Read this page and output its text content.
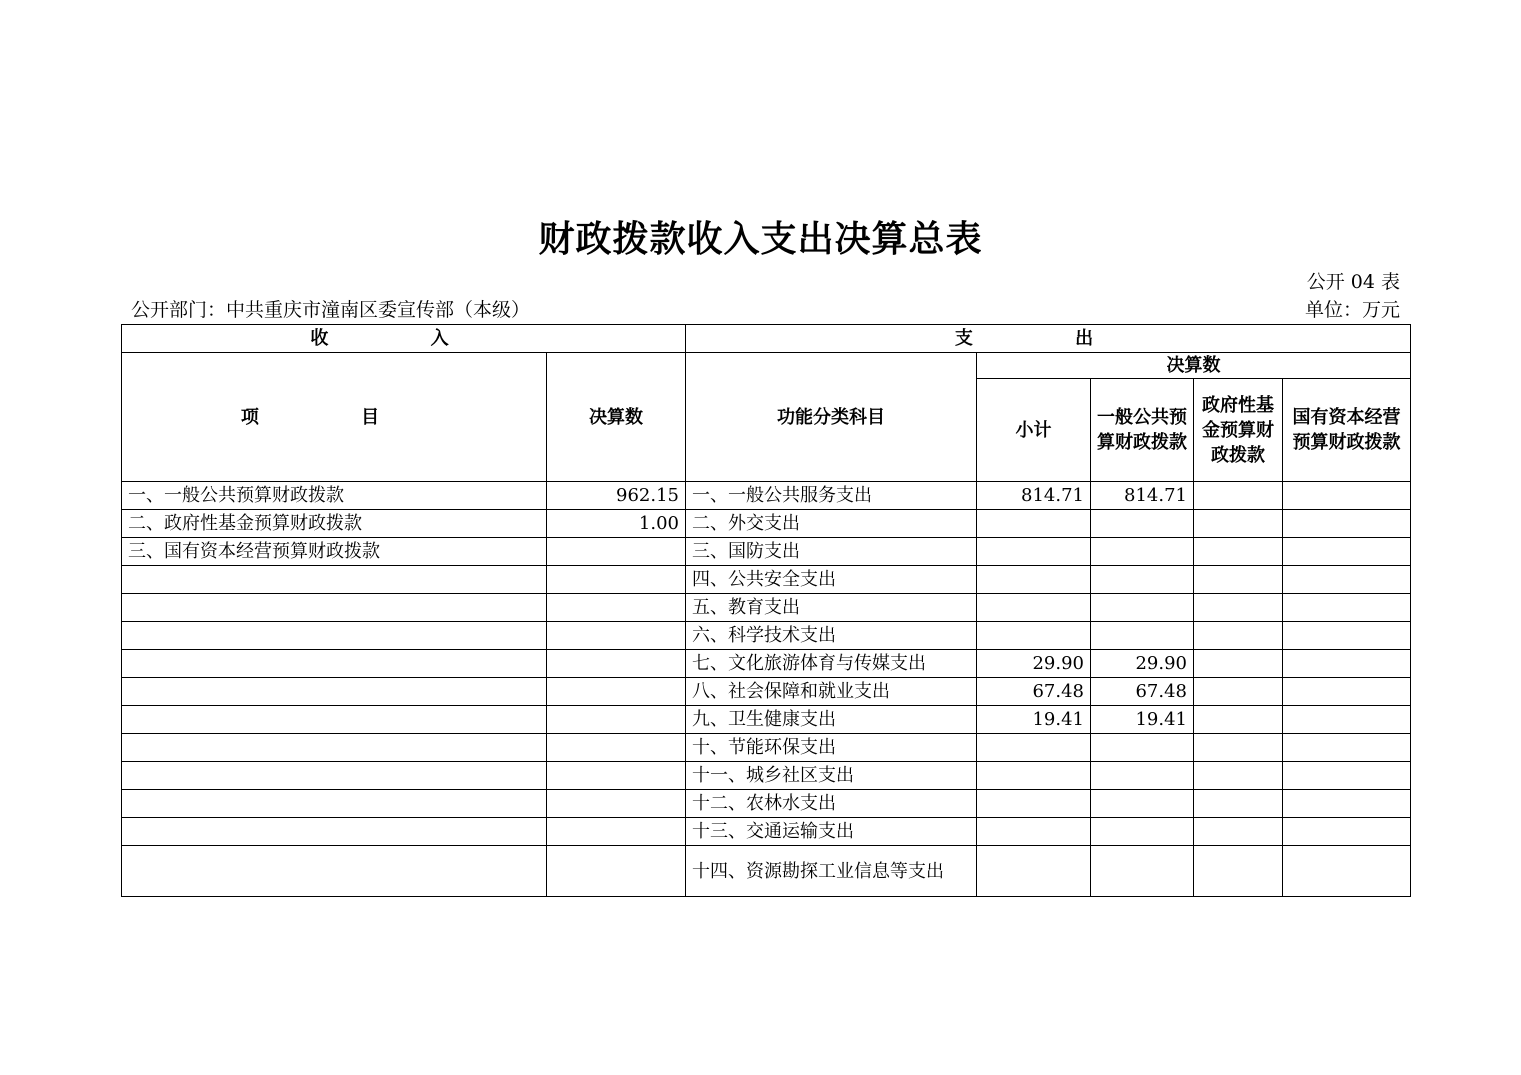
财政拨款收入支出决算总表
公开 04 表
公开部门：中共重庆市潼南区委宣传部（本级）	单位：万元
收 入		支 出				
项 目	决算数	功能分类科目	决算数			
			小计	一般公共预算财政拨款	政府性基金预算财政拨款	国有资本经营预算财政拨款
一、一般公共预算财政拨款	962.15	一、一般公共服务支出	814.71	814.71		
二、政府性基金预算财政拨款	1.00	二、外交支出				
三、国有资本经营预算财政拨款		三、国防支出				
		四、公共安全支出				
		五、教育支出				
		六、科学技术支出				
		七、文化旅游体育与传媒支出	29.90	29.90		
		八、社会保障和就业支出	67.48	67.48		
		九、卫生健康支出	19.41	19.41		
		十、节能环保支出				
		十一、城乡社区支出				
		十二、农林水支出				
		十三、交通运输支出				
		十四、资源勘探工业信息等支出				
